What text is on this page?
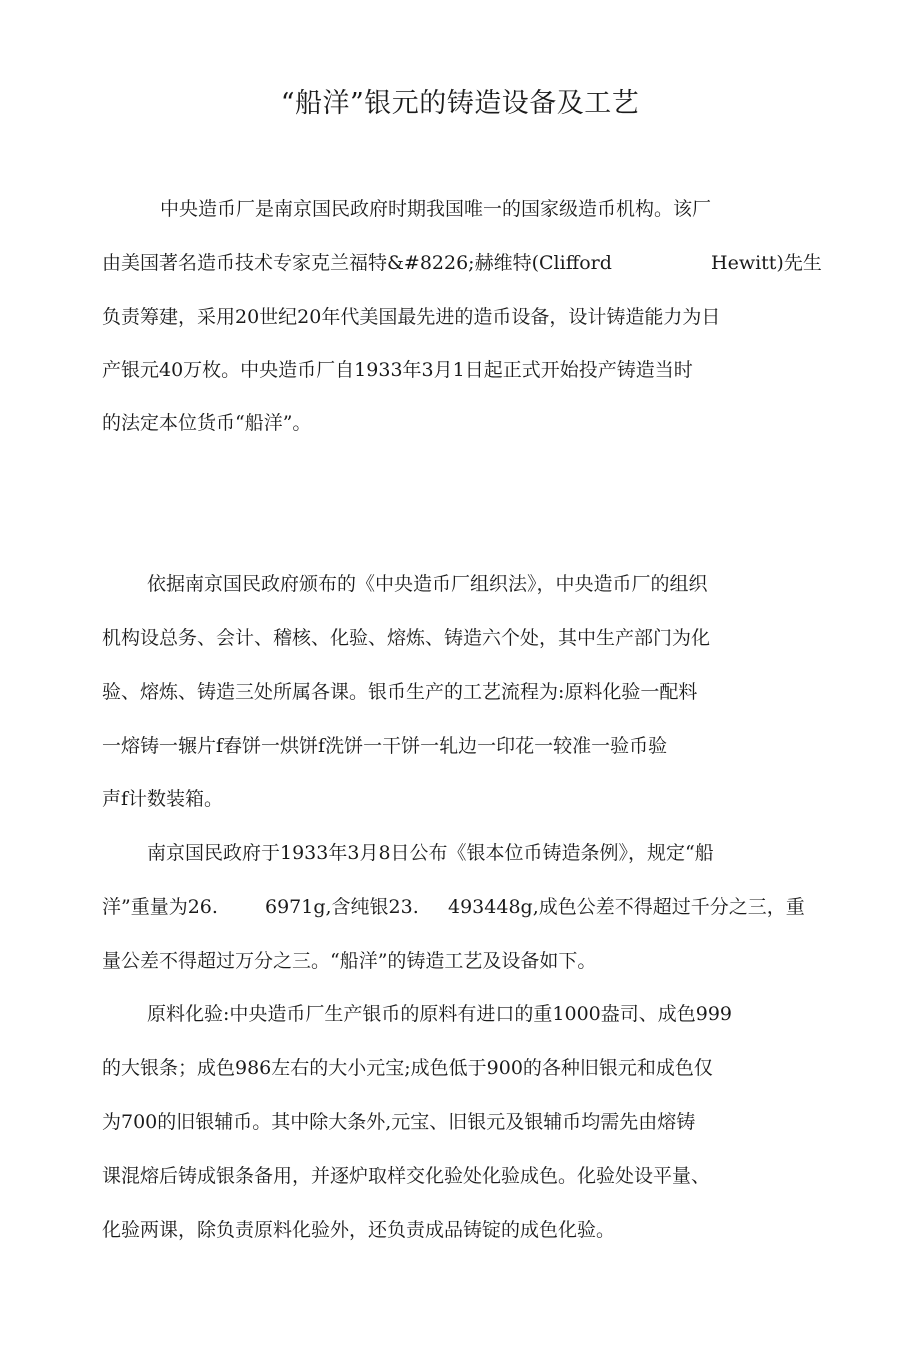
“船洋”银元的铸造设备及工艺
中央造币厂是南京国民政府时期我国唯一的国家级造币机构。该厂
由美国著名造币技术专家克兰福特&#8226;赫维特(Clifford	Hewitt)先生
负责筹建，采用20世纪20年代美国最先进的造币设备，设计铸造能力为日
产银元40万枚。中央造币厂自1933年3月1日起正式开始投产铸造当时
的法定本位货币“船洋”。
依据南京国民政府颁布的《中央造币厂组织法》，中央造币厂的组织
机构设总务、会计、稽核、化验、熔炼、铸造六个处，其中生产部门为化
验、熔炼、铸造三处所属各课。银币生产的工艺流程为:原料化验一配料
一熔铸一辗片f舂饼一烘饼f洗饼一干饼一轧边一印花一较准一验币验
声f计数装箱。
南京国民政府于1933年3月8日公布《银本位币铸造条例》，规定“船
洋”重量为26. 6971g,含纯银23. 493448g,成色公差不得超过千分之三，重
量公差不得超过万分之三。“船洋”的铸造工艺及设备如下。
原料化验:中央造币厂生产银币的原料有进口的重1000盎司、成色999
的大银条；成色986左右的大小元宝;成色低于900的各种旧银元和成色仅
为700的旧银辅币。其中除大条外,元宝、旧银元及银辅币均需先由熔铸
课混熔后铸成银条备用，并逐炉取样交化验处化验成色。化验处设平量、
化验两课，除负责原料化验外，还负责成品铸锭的成色化验。
